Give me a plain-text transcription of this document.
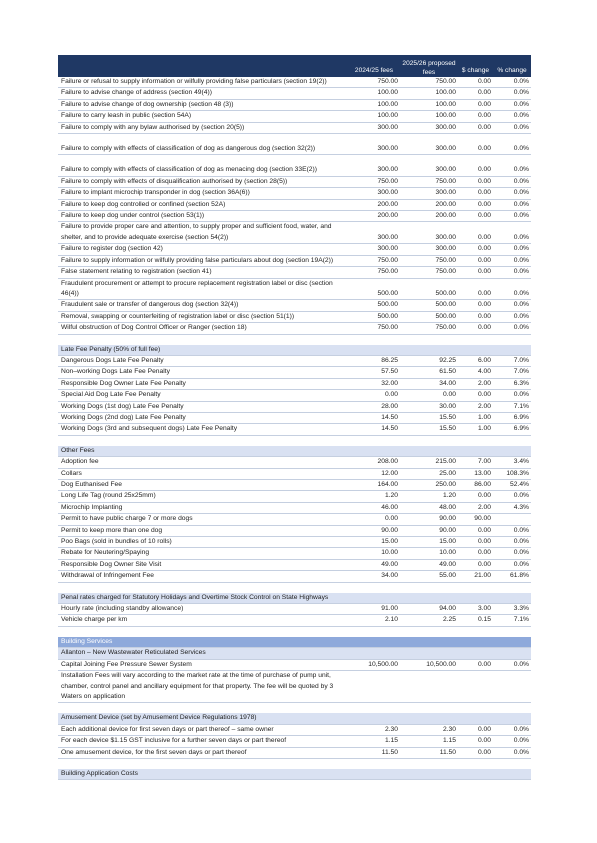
	2024/25 fees	2025/26 proposed fees	$ change	% change
Failure or refusal to supply information or wilfully providing false particulars (section 19(2))	750.00	750.00	0.00	0.0%
Failure to advise change of address (section 49(4))	100.00	100.00	0.00	0.0%
Failure to advise change of dog ownership (section 48 (3))	100.00	100.00	0.00	0.0%
Failure to carry leash in public (section 54A)	100.00	100.00	0.00	0.0%
Failure to comply with any bylaw authorised by (section 20(5))	300.00	300.00	0.00	0.0%
Failure to comply with effects of classification of dog as dangerous dog (section 32(2))	300.00	300.00	0.00	0.0%
Failure to comply with effects of classification of dog as menacing dog (section 33E(2))	300.00	300.00	0.00	0.0%
Failure to comply with effects of disqualification authorised by (section 28(5))	750.00	750.00	0.00	0.0%
Failure to implant microchip transponder in dog (section 36A(6))	300.00	300.00	0.00	0.0%
Failure to keep dog controlled or confined (section 52A)	200.00	200.00	0.00	0.0%
Failure to keep dog under control (section 53(1))	200.00	200.00	0.00	0.0%
Failure to provide proper care and attention, to supply proper and sufficient food, water, and shelter, and to provide adequate exercise (section 54(2))	300.00	300.00	0.00	0.0%
Failure to register dog (section 42)	300.00	300.00	0.00	0.0%
Failure to supply information or wilfully providing false particulars about dog (section 19A(2))	750.00	750.00	0.00	0.0%
False statement relating to registration (section 41)	750.00	750.00	0.00	0.0%
Fraudulent procurement or attempt to procure replacement registration label or disc (section 46(4))	500.00	500.00	0.00	0.0%
Fraudulent sale or transfer of dangerous dog (section 32(4))	500.00	500.00	0.00	0.0%
Removal, swapping or counterfeiting of registration label or disc (section 51(1))	500.00	500.00	0.00	0.0%
Wilful obstruction of Dog Control Officer or Ranger (section 18)	750.00	750.00	0.00	0.0%

Late Fee Penalty (50% of full fee)				
Dangerous Dogs Late Fee Penalty	86.25	92.25	6.00	7.0%
Non–working Dogs Late Fee Penalty	57.50	61.50	4.00	7.0%
Responsible Dog Owner Late Fee Penalty	32.00	34.00	2.00	6.3%
Special Aid Dog Late Fee Penalty	0.00	0.00	0.00	0.0%
Working Dogs (1st dog) Late Fee Penalty	28.00	30.00	2.00	7.1%
Working Dogs (2nd dog) Late Fee Penalty	14.50	15.50	1.00	6.9%
Working Dogs (3rd and subsequent dogs) Late Fee Penalty	14.50	15.50	1.00	6.9%

Other Fees				
Adoption fee	208.00	215.00	7.00	3.4%
Collars	12.00	25.00	13.00	108.3%
Dog Euthanised Fee	164.00	250.00	86.00	52.4%
Long Life Tag (round 25x25mm)	1.20	1.20	0.00	0.0%
Microchip Implanting	46.00	48.00	2.00	4.3%
Permit to have public charge 7 or more dogs	0.00	90.00	90.00	
Permit to keep more than one dog	90.00	90.00	0.00	0.0%
Poo Bags (sold in bundles of 10 rolls)	15.00	15.00	0.00	0.0%
Rebate for Neutering/Spaying	10.00	10.00	0.00	0.0%
Responsible Dog Owner Site Visit	49.00	49.00	0.00	0.0%
Withdrawal of Infringement Fee	34.00	55.00	21.00	61.8%

Penal rates charged for Statutory Holidays and Overtime Stock Control on State Highways				
Hourly rate (including standby allowance)	91.00	94.00	3.00	3.3%
Vehicle charge per km	2.10	2.25	0.15	7.1%

Building Services				
Allanton – New Wastewater Reticulated Services				
Capital Joining Fee Pressure Sewer System	10,500.00	10,500.00	0.00	0.0%
Installation Fees will vary according to the market rate at the time of purchase of pump unit, chamber, control panel and ancillary equipment for that property. The fee will be quoted by 3 Waters on application				

Amusement Device (set by Amusement Device Regulations 1978)				
Each additional device for first seven days or part thereof – same owner	2.30	2.30	0.00	0.0%
For each device $1.15 GST inclusive for a further seven days or part thereof	1.15	1.15	0.00	0.0%
One amusement device, for the first seven days or part thereof	11.50	11.50	0.00	0.0%

Building Application Costs				
